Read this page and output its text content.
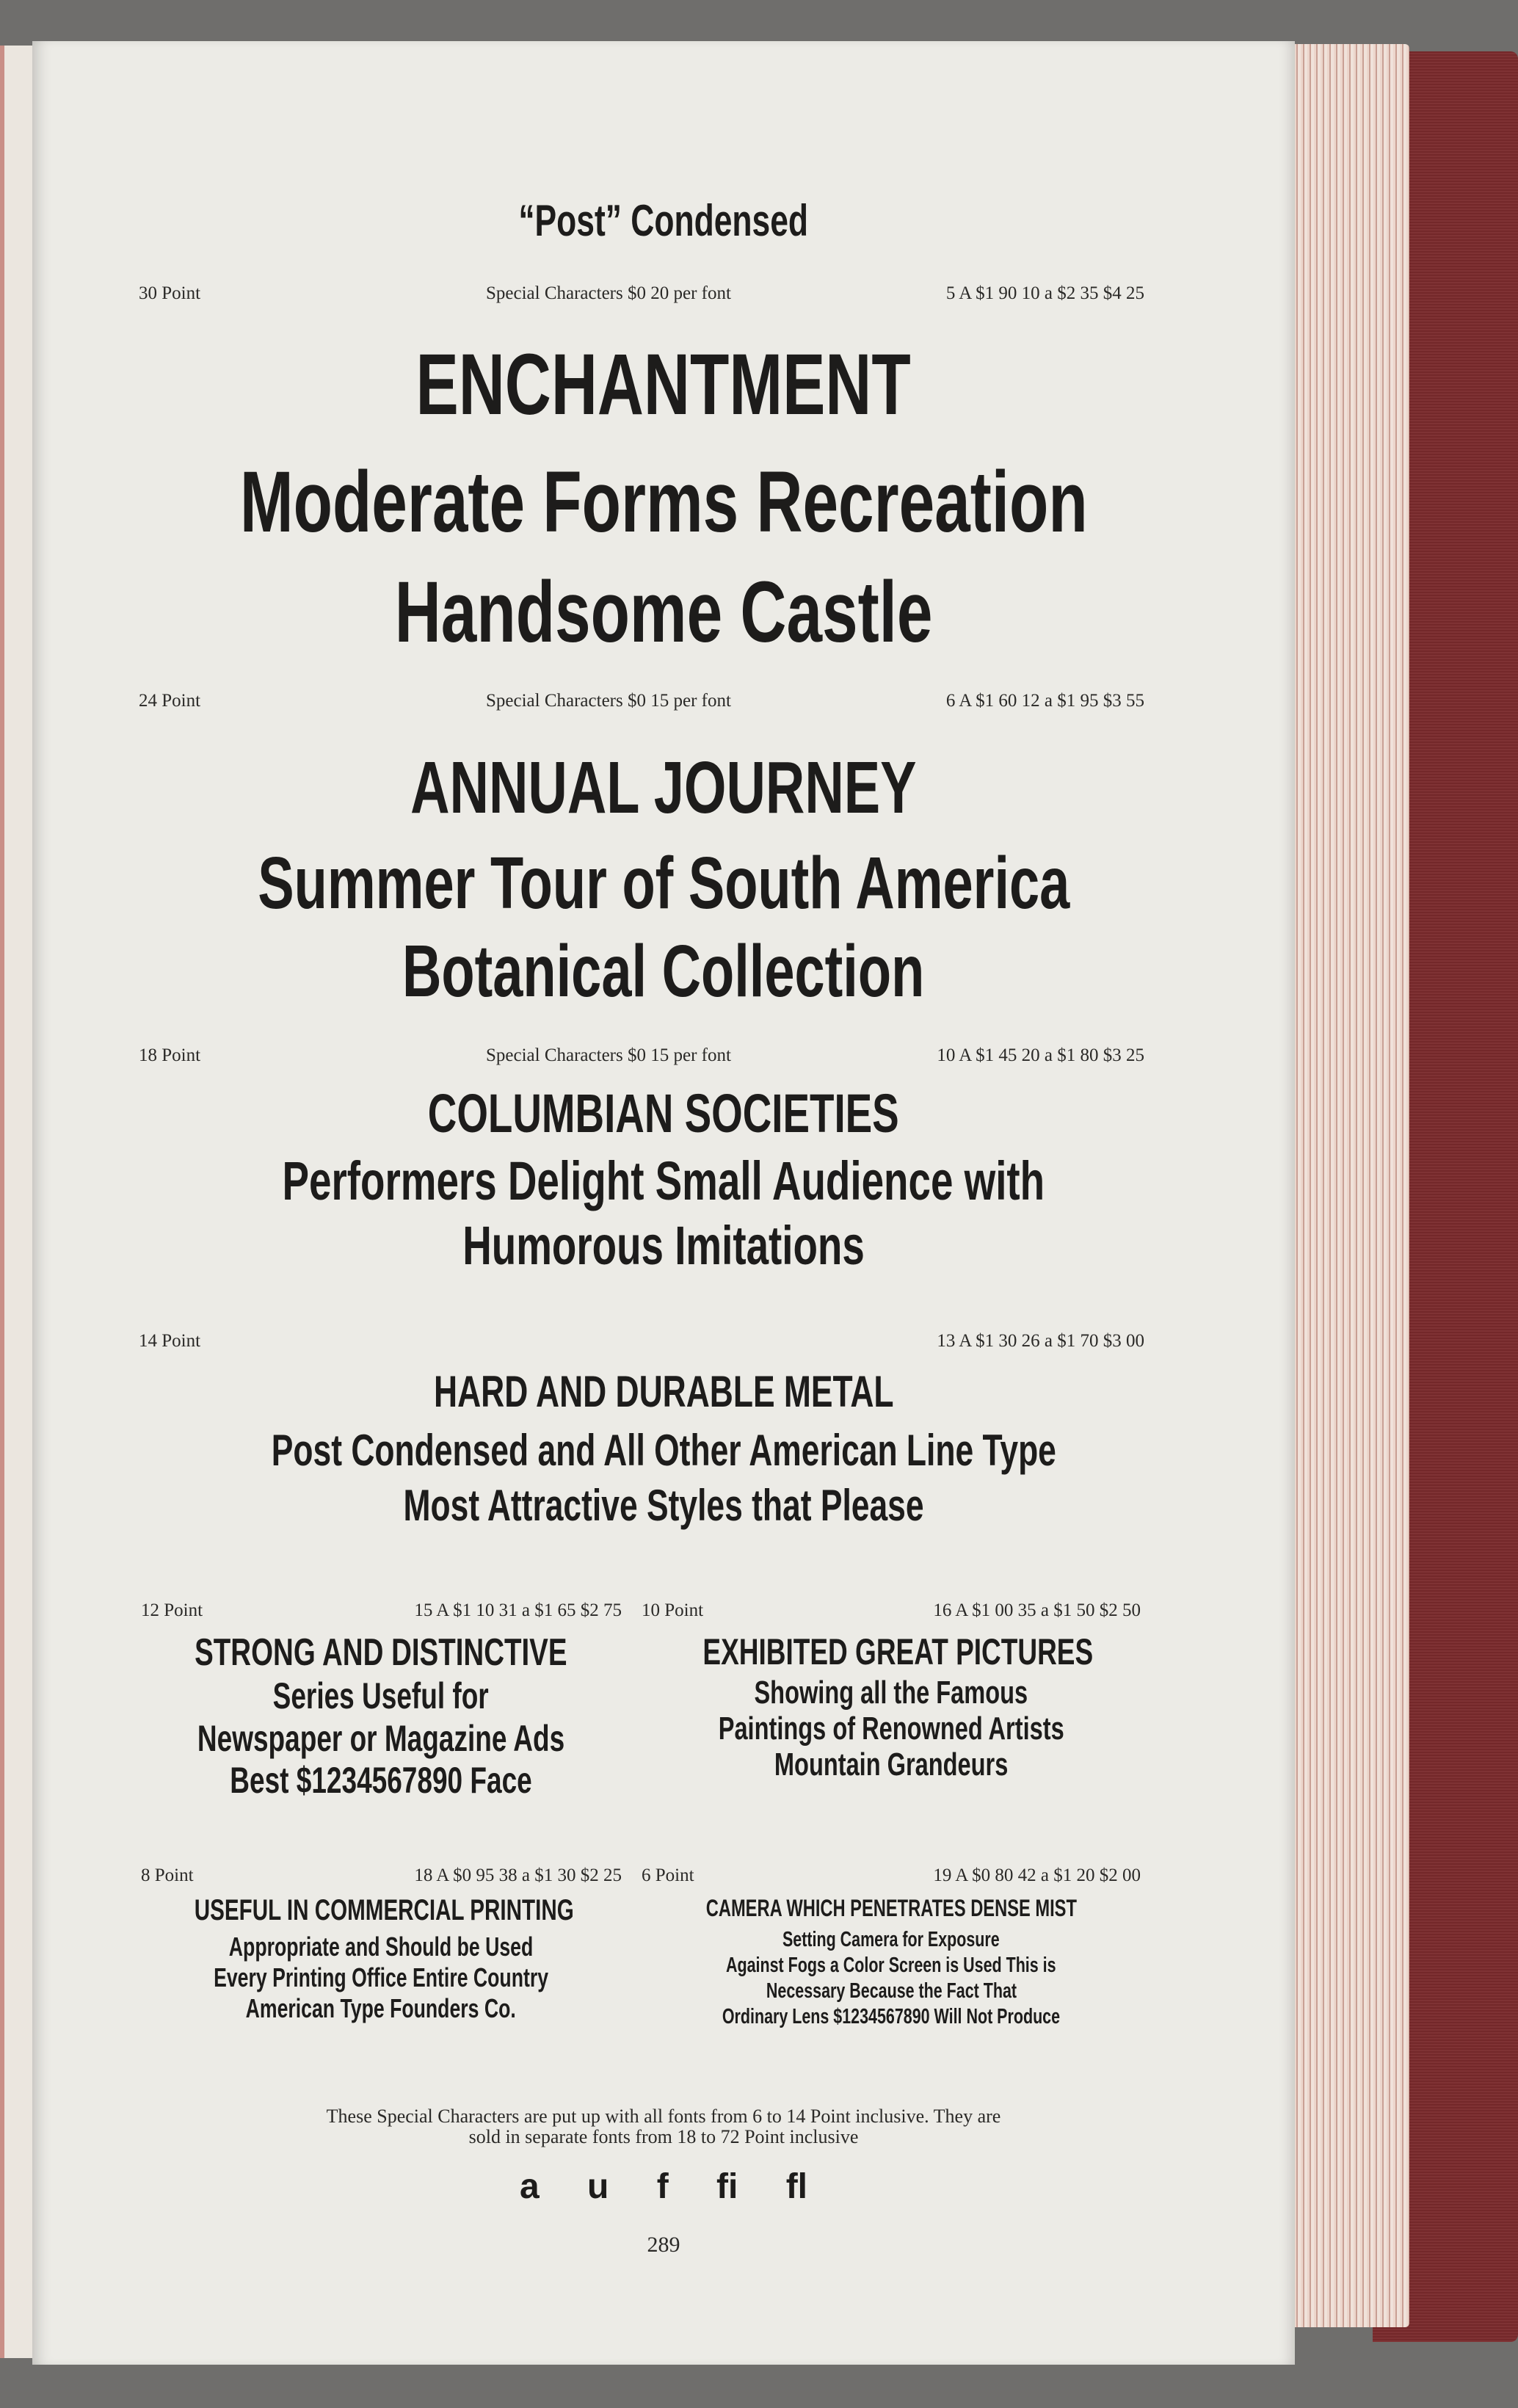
“Post” Condensed
30 Point	Special Characters $0 20 per font	5 A $1 90 10 a $2 35 $4 25
ENCHANTMENT
Moderate Forms Recreation
Handsome Castle
24 Point	Special Characters $0 15 per font	6 A $1 60 12 a $1 95 $3 55
ANNUAL JOURNEY
Summer Tour of South America
Botanical Collection
18 Point	Special Characters $0 15 per font	10 A $1 45 20 a $1 80 $3 25
COLUMBIAN SOCIETIES
Performers Delight Small Audience with
Humorous Imitations
14 Point	13 A $1 30 26 a $1 70 $3 00
HARD AND DURABLE METAL
Post Condensed and All Other American Line Type
Most Attractive Styles that Please
12 Point	15 A $1 10 31 a $1 65 $2 75
STRONG AND DISTINCTIVE
Series Useful for
Newspaper or Magazine Ads
Best $1234567890 Face
10 Point	16 A $1 00 35 a $1 50 $2 50
EXHIBITED GREAT PICTURES
Showing all the Famous
Paintings of Renowned Artists
Mountain Grandeurs
8 Point	18 A $0 95 38 a $1 30 $2 25
USEFUL IN COMMERCIAL PRINTING
Appropriate and Should be Used
Every Printing Office Entire Country
American Type Founders Co.
6 Point	19 A $0 80 42 a $1 20 $2 00
CAMERA WHICH PENETRATES DENSE MIST
Setting Camera for Exposure
Against Fogs a Color Screen is Used This is
Necessary Because the Fact That
Ordinary Lens $1234567890 Will Not Produce
These Special Characters are put up with all fonts from 6 to 14 Point inclusive. They are
sold in separate fonts from 18 to 72 Point inclusive
a u f fi fl
289
